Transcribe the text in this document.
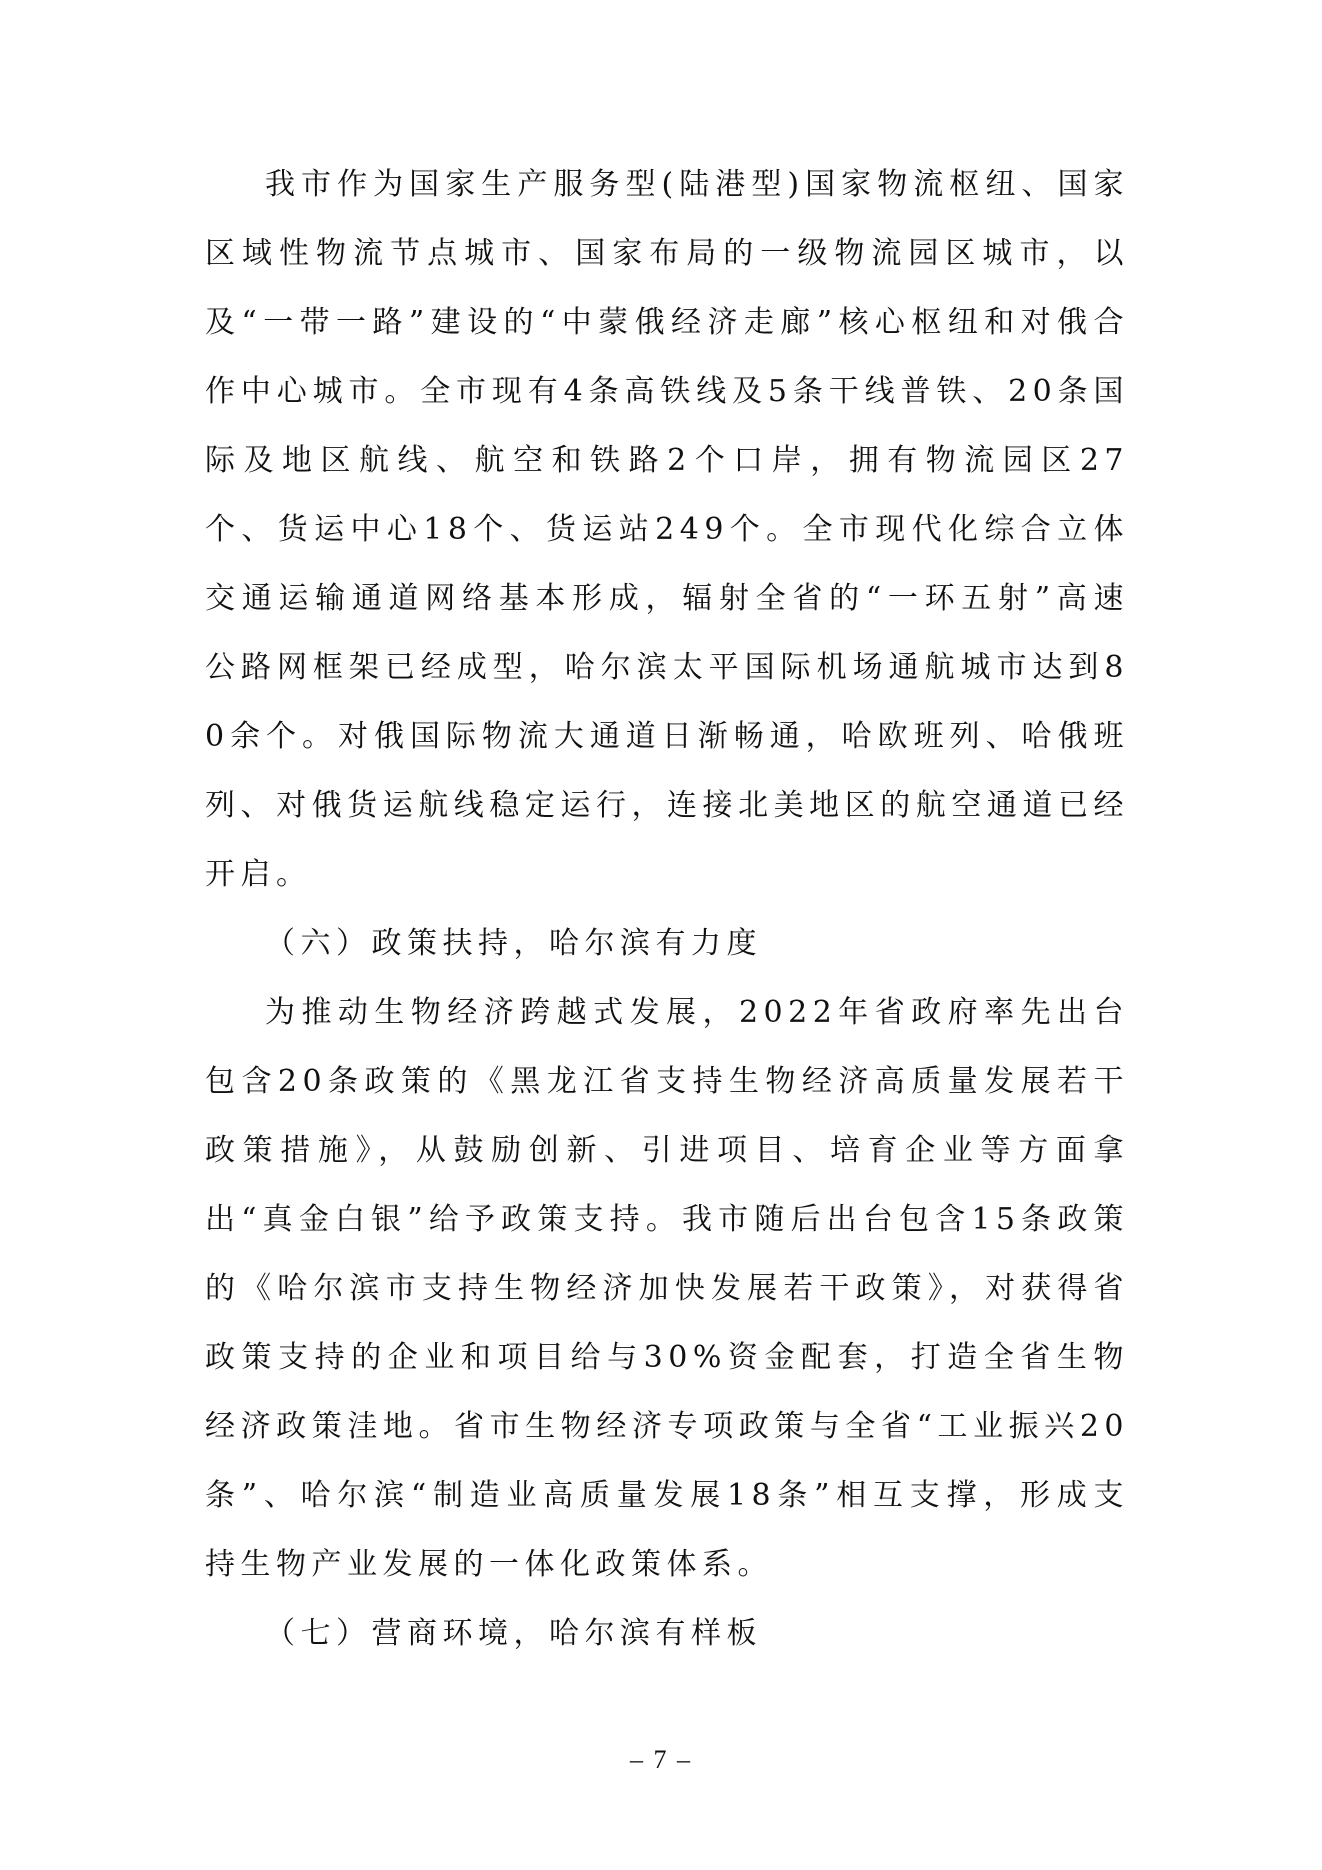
我市作为国家生产服务型(陆港型)国家物流枢纽、国家区域性物流节点城市、国家布局的一级物流园区城市，以及“一带一路”建设的“中蒙俄经济走廊”核心枢纽和对俄合作中心城市。全市现有4条高铁线及5条干线普铁、20条国际及地区航线、航空和铁路2个口岸，拥有物流园区27个、货运中心18个、货运站249个。全市现代化综合立体交通运输通道网络基本形成，辐射全省的“一环五射”高速公路网框架已经成型，哈尔滨太平国际机场通航城市达到80余个。对俄国际物流大通道日渐畅通，哈欧班列、哈俄班列、对俄货运航线稳定运行，连接北美地区的航空通道已经开启。

（六）政策扶持，哈尔滨有力度

为推动生物经济跨越式发展，2022年省政府率先出台包含20条政策的《黑龙江省支持生物经济高质量发展若干政策措施》，从鼓励创新、引进项目、培育企业等方面拿出“真金白银”给予政策支持。我市随后出台包含15条政策的《哈尔滨市支持生物经济加快发展若干政策》，对获得省政策支持的企业和项目给与30%资金配套，打造全省生物经济政策洼地。省市生物经济专项政策与全省“工业振兴20条”、哈尔滨“制造业高质量发展18条”相互支撑，形成支持生物产业发展的一体化政策体系。

（七）营商环境，哈尔滨有样板

– 7 –
